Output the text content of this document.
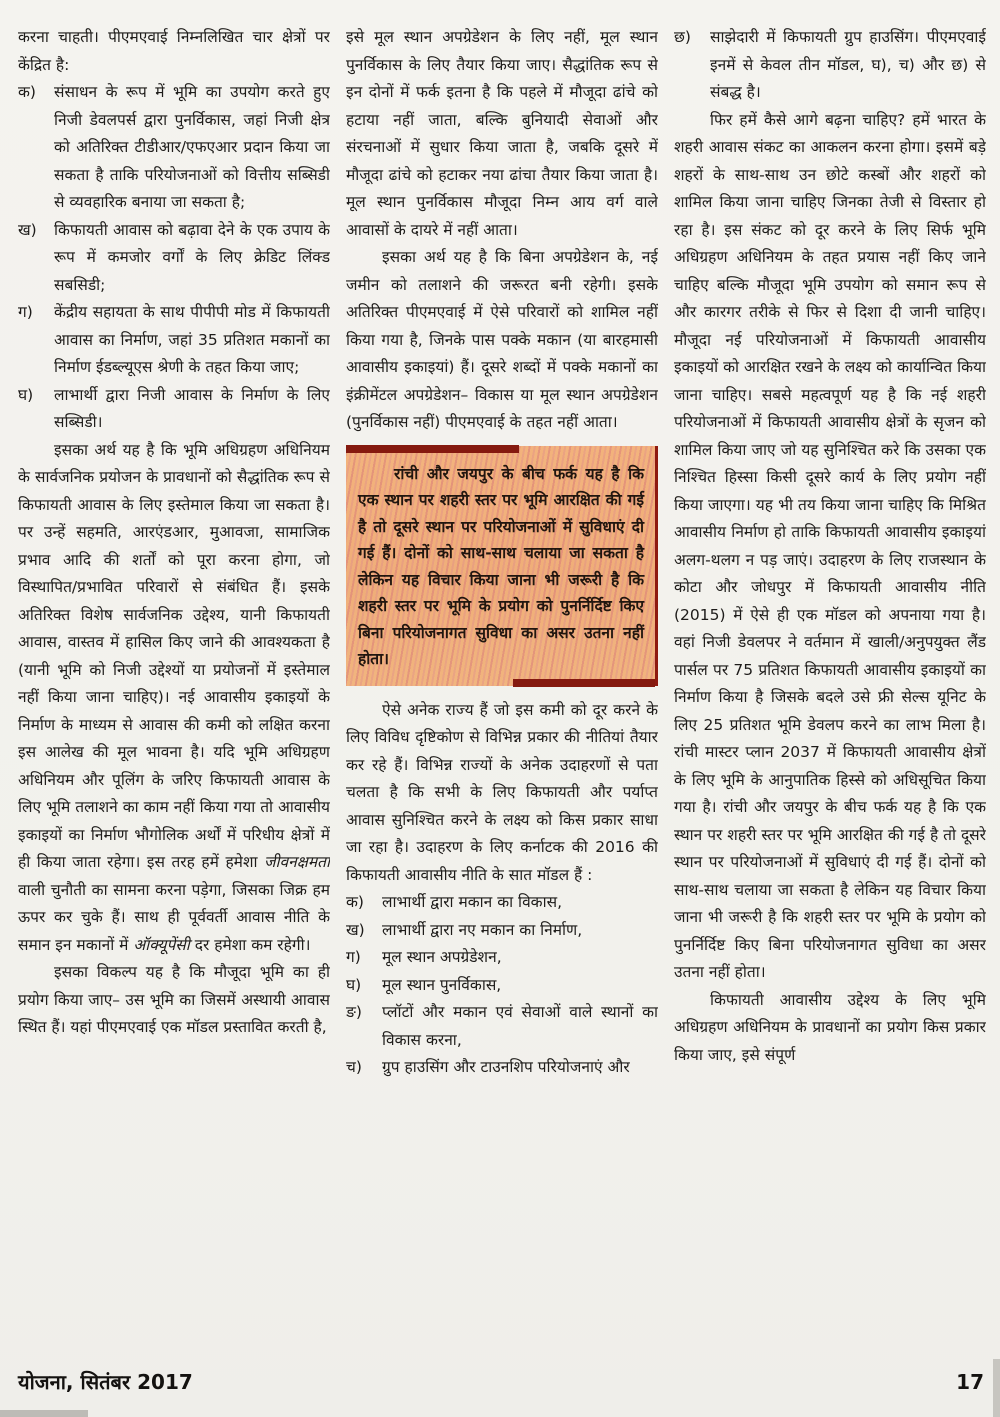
करना चाहती। पीएमएवाई निम्नलिखित चार क्षेत्रों पर केंद्रित है:

क)	संसाधन के रूप में भूमि का उपयोग करते हुए निजी डेवलपर्स द्वारा पुनर्विकास, जहां निजी क्षेत्र को अतिरिक्त टीडीआर/एफएआर प्रदान किया जा सकता है ताकि परियोजनाओं को वित्तीय सब्सिडी से व्यवहारिक बनाया जा सकता है;
ख)	किफायती आवास को बढ़ावा देने के एक उपाय के रूप में कमजोर वर्गों के लिए क्रेडिट लिंक्ड सबसिडी;
ग)	केंद्रीय सहायता के साथ पीपीपी मोड में किफायती आवास का निर्माण, जहां 35 प्रतिशत मकानों का निर्माण ईडब्ल्यूएस श्रेणी के तहत किया जाए;
घ)	लाभार्थी द्वारा निजी आवास के निर्माण के लिए सब्सिडी।

इसका अर्थ यह है कि भूमि अधिग्रहण अधिनियम के सार्वजनिक प्रयोजन के प्रावधानों को सैद्धांतिक रूप से किफायती आवास के लिए इस्तेमाल किया जा सकता है। पर उन्हें सहमति, आरएंडआर, मुआवजा, सामाजिक प्रभाव आदि की शर्तों को पूरा करना होगा, जो विस्थापित/प्रभावित परिवारों से संबंधित हैं। इसके अतिरिक्त विशेष सार्वजनिक उद्देश्य, यानी किफायती आवास, वास्तव में हासिल किए जाने की आवश्यकता है (यानी भूमि को निजी उद्देश्यों या प्रयोजनों में इस्तेमाल नहीं किया जाना चाहिए)। नई आवासीय इकाइयों के निर्माण के माध्यम से आवास की कमी को लक्षित करना इस आलेख की मूल भावना है। यदि भूमि अधिग्रहण अधिनियम और पूलिंग के जरिए किफायती आवास के लिए भूमि तलाशने का काम नहीं किया गया तो आवासीय इकाइयों का निर्माण भौगोलिक अर्थों में परिधीय क्षेत्रों में ही किया जाता रहेगा। इस तरह हमें हमेशा जीवनक्षमता वाली चुनौती का सामना करना पड़ेगा, जिसका जिक्र हम ऊपर कर चुके हैं। साथ ही पूर्ववर्ती आवास नीति के समान इन मकानों में ऑक्यूपेंसी दर हमेशा कम रहेगी।

इसका विकल्प यह है कि मौजूदा भूमि का ही प्रयोग किया जाए– उस भूमि का जिसमें अस्थायी आवास स्थित हैं। यहां पीएमएवाई एक मॉडल प्रस्तावित करती है,

इसे मूल स्थान अपग्रेडेशन के लिए नहीं, मूल स्थान पुनर्विकास के लिए तैयार किया जाए। सैद्धांतिक रूप से इन दोनों में फर्क इतना है कि पहले में मौजूदा ढांचे को हटाया नहीं जाता, बल्कि बुनियादी सेवाओं और संरचनाओं में सुधार किया जाता है, जबकि दूसरे में मौजूदा ढांचे को हटाकर नया ढांचा तैयार किया जाता है। मूल स्थान पुनर्विकास मौजूदा निम्न आय वर्ग वाले आवासों के दायरे में नहीं आता।

इसका अर्थ यह है कि बिना अपग्रेडेशन के, नई जमीन को तलाशने की जरूरत बनी रहेगी। इसके अतिरिक्त पीएमएवाई में ऐसे परिवारों को शामिल नहीं किया गया है, जिनके पास पक्के मकान (या बारहमासी आवासीय इकाइयां) हैं। दूसरे शब्दों में पक्के मकानों का इंक्रीमेंटल अपग्रेडेशन– विकास या मूल स्थान अपग्रेडेशन (पुनर्विकास नहीं) पीएमएवाई के तहत नहीं आता।

रांची और जयपुर के बीच फर्क यह है कि एक स्थान पर शहरी स्तर पर भूमि आरक्षित की गई है तो दूसरे स्थान पर परियोजनाओं में सुविधाएं दी गई हैं। दोनों को साथ-साथ चलाया जा सकता है लेकिन यह विचार किया जाना भी जरूरी है कि शहरी स्तर पर भूमि के प्रयोग को पुनर्निर्दिष्ट किए बिना परियोजनागत सुविधा का असर उतना नहीं होता।

ऐसे अनेक राज्य हैं जो इस कमी को दूर करने के लिए विविध दृष्टिकोण से विभिन्न प्रकार की नीतियां तैयार कर रहे हैं। विभिन्न राज्यों के अनेक उदाहरणों से पता चलता है कि सभी के लिए किफायती और पर्याप्त आवास सुनिश्चित करने के लक्ष्य को किस प्रकार साधा जा रहा है। उदाहरण के लिए कर्नाटक की 2016 की किफायती आवासीय नीति के सात मॉडल हैं :

क)	लाभार्थी द्वारा मकान का विकास,
ख)	लाभार्थी द्वारा नए मकान का निर्माण,
ग)	मूल स्थान अपग्रेडेशन,
घ)	मूल स्थान पुनर्विकास,
ङ)	प्लॉटों और मकान एवं सेवाओं वाले स्थानों का विकास करना,
च)	ग्रुप हाउसिंग और टाउनशिप परियोजनाएं और
छ)	साझेदारी में किफायती ग्रुप हाउसिंग। पीएमएवाई इनमें से केवल तीन मॉडल, घ), च) और छ) से संबद्ध है।

फिर हमें कैसे आगे बढ़ना चाहिए? हमें भारत के शहरी आवास संकट का आकलन करना होगा। इसमें बड़े शहरों के साथ-साथ उन छोटे कस्बों और शहरों को शामिल किया जाना चाहिए जिनका तेजी से विस्तार हो रहा है। इस संकट को दूर करने के लिए सिर्फ भूमि अधिग्रहण अधिनियम के तहत प्रयास नहीं किए जाने चाहिए बल्कि मौजूदा भूमि उपयोग को समान रूप से और कारगर तरीके से फिर से दिशा दी जानी चाहिए। मौजूदा नई परियोजनाओं में किफायती आवासीय इकाइयों को आरक्षित रखने के लक्ष्य को कार्यान्वित किया जाना चाहिए। सबसे महत्वपूर्ण यह है कि नई शहरी परियोजनाओं में किफायती आवासीय क्षेत्रों के सृजन को शामिल किया जाए जो यह सुनिश्चित करे कि उसका एक निश्चित हिस्सा किसी दूसरे कार्य के लिए प्रयोग नहीं किया जाएगा। यह भी तय किया जाना चाहिए कि मिश्रित आवासीय निर्माण हो ताकि किफायती आवासीय इकाइयां अलग-थलग न पड़ जाएं। उदाहरण के लिए राजस्थान के कोटा और जोधपुर में किफायती आवासीय नीति (2015) में ऐसे ही एक मॉडल को अपनाया गया है। वहां निजी डेवलपर ने वर्तमान में खाली/अनुपयुक्त लैंड पार्सल पर 75 प्रतिशत किफायती आवासीय इकाइयों का निर्माण किया है जिसके बदले उसे फ्री सेल्स यूनिट के लिए 25 प्रतिशत भूमि डेवलप करने का लाभ मिला है। रांची मास्टर प्लान 2037 में किफायती आवासीय क्षेत्रों के लिए भूमि के आनुपातिक हिस्से को अधिसूचित किया गया है। रांची और जयपुर के बीच फर्क यह है कि एक स्थान पर शहरी स्तर पर भूमि आरक्षित की गई है तो दूसरे स्थान पर परियोजनाओं में सुविधाएं दी गई हैं। दोनों को साथ-साथ चलाया जा सकता है लेकिन यह विचार किया जाना भी जरूरी है कि शहरी स्तर पर भूमि के प्रयोग को पुनर्निर्दिष्ट किए बिना परियोजनागत सुविधा का असर उतना नहीं होता।

किफायती आवासीय उद्देश्य के लिए भूमि अधिग्रहण अधिनियम के प्रावधानों का प्रयोग किस प्रकार किया जाए, इसे संपूर्ण

योजना, सितंबर 2017	17
